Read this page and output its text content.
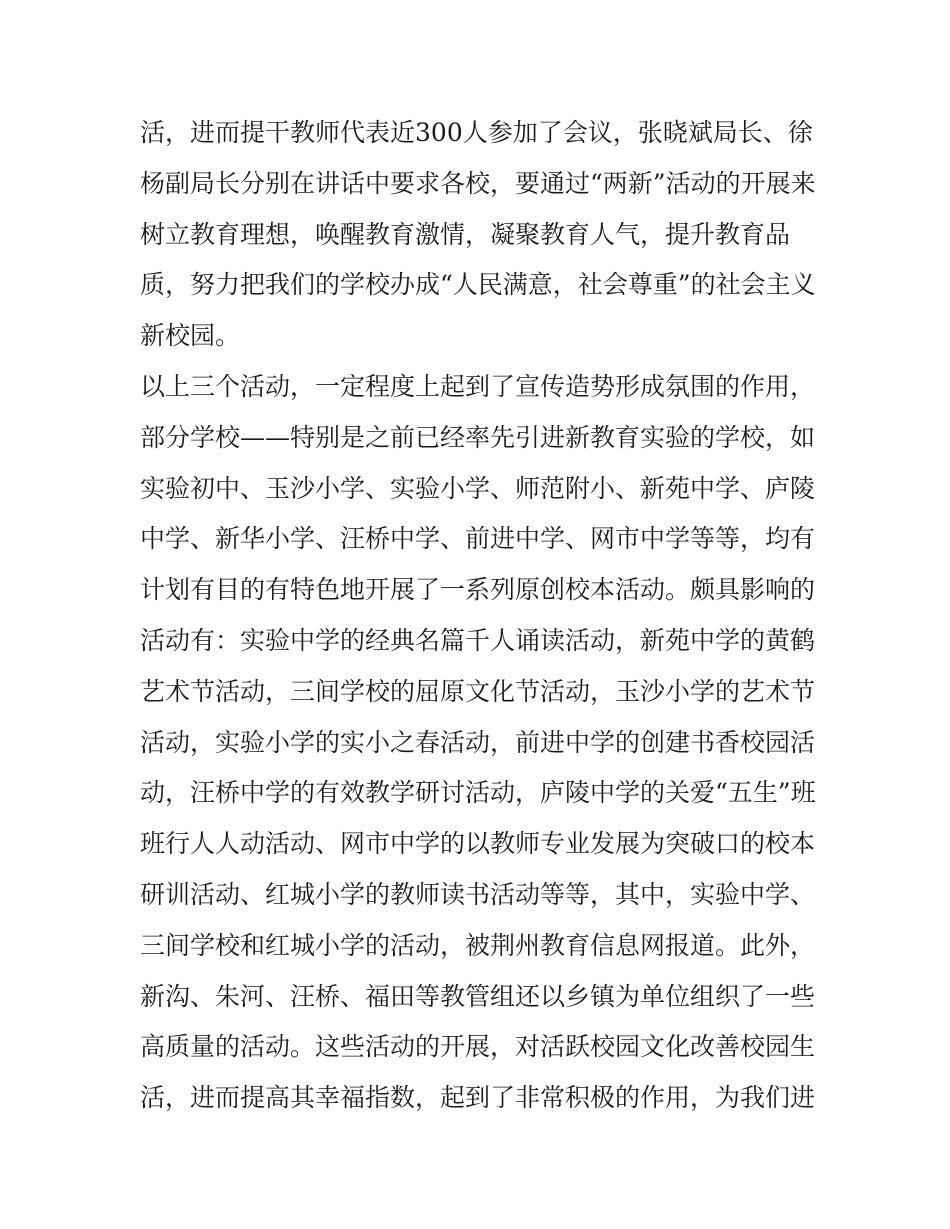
活，进而提干教师代表近300人参加了会议，张晓斌局长、徐
杨副局长分别在讲话中要求各校，要通过“两新”活动的开展来
树立教育理想，唤醒教育激情，凝聚教育人气，提升教育品
质，努力把我们的学校办成“人民满意，社会尊重”的社会主义
新校园。
以上三个活动，一定程度上起到了宣传造势形成氛围的作用，
部分学校——特别是之前已经率先引进新教育实验的学校，如
实验初中、玉沙小学、实验小学、师范附小、新苑中学、庐陵
中学、新华小学、汪桥中学、前进中学、网市中学等等，均有
计划有目的有特色地开展了一系列原创校本活动。颇具影响的
活动有：实验中学的经典名篇千人诵读活动，新苑中学的黄鹤
艺术节活动，三间学校的屈原文化节活动，玉沙小学的艺术节
活动，实验小学的实小之春活动，前进中学的创建书香校园活
动，汪桥中学的有效教学研讨活动，庐陵中学的关爱“五生”班
班行人人动活动、网市中学的以教师专业发展为突破口的校本
研训活动、红城小学的教师读书活动等等，其中，实验中学、
三间学校和红城小学的活动，被荆州教育信息网报道。此外，
新沟、朱河、汪桥、福田等教管组还以乡镇为单位组织了一些
高质量的活动。这些活动的开展，对活跃校园文化改善校园生
活，进而提高其幸福指数，起到了非常积极的作用，为我们进
